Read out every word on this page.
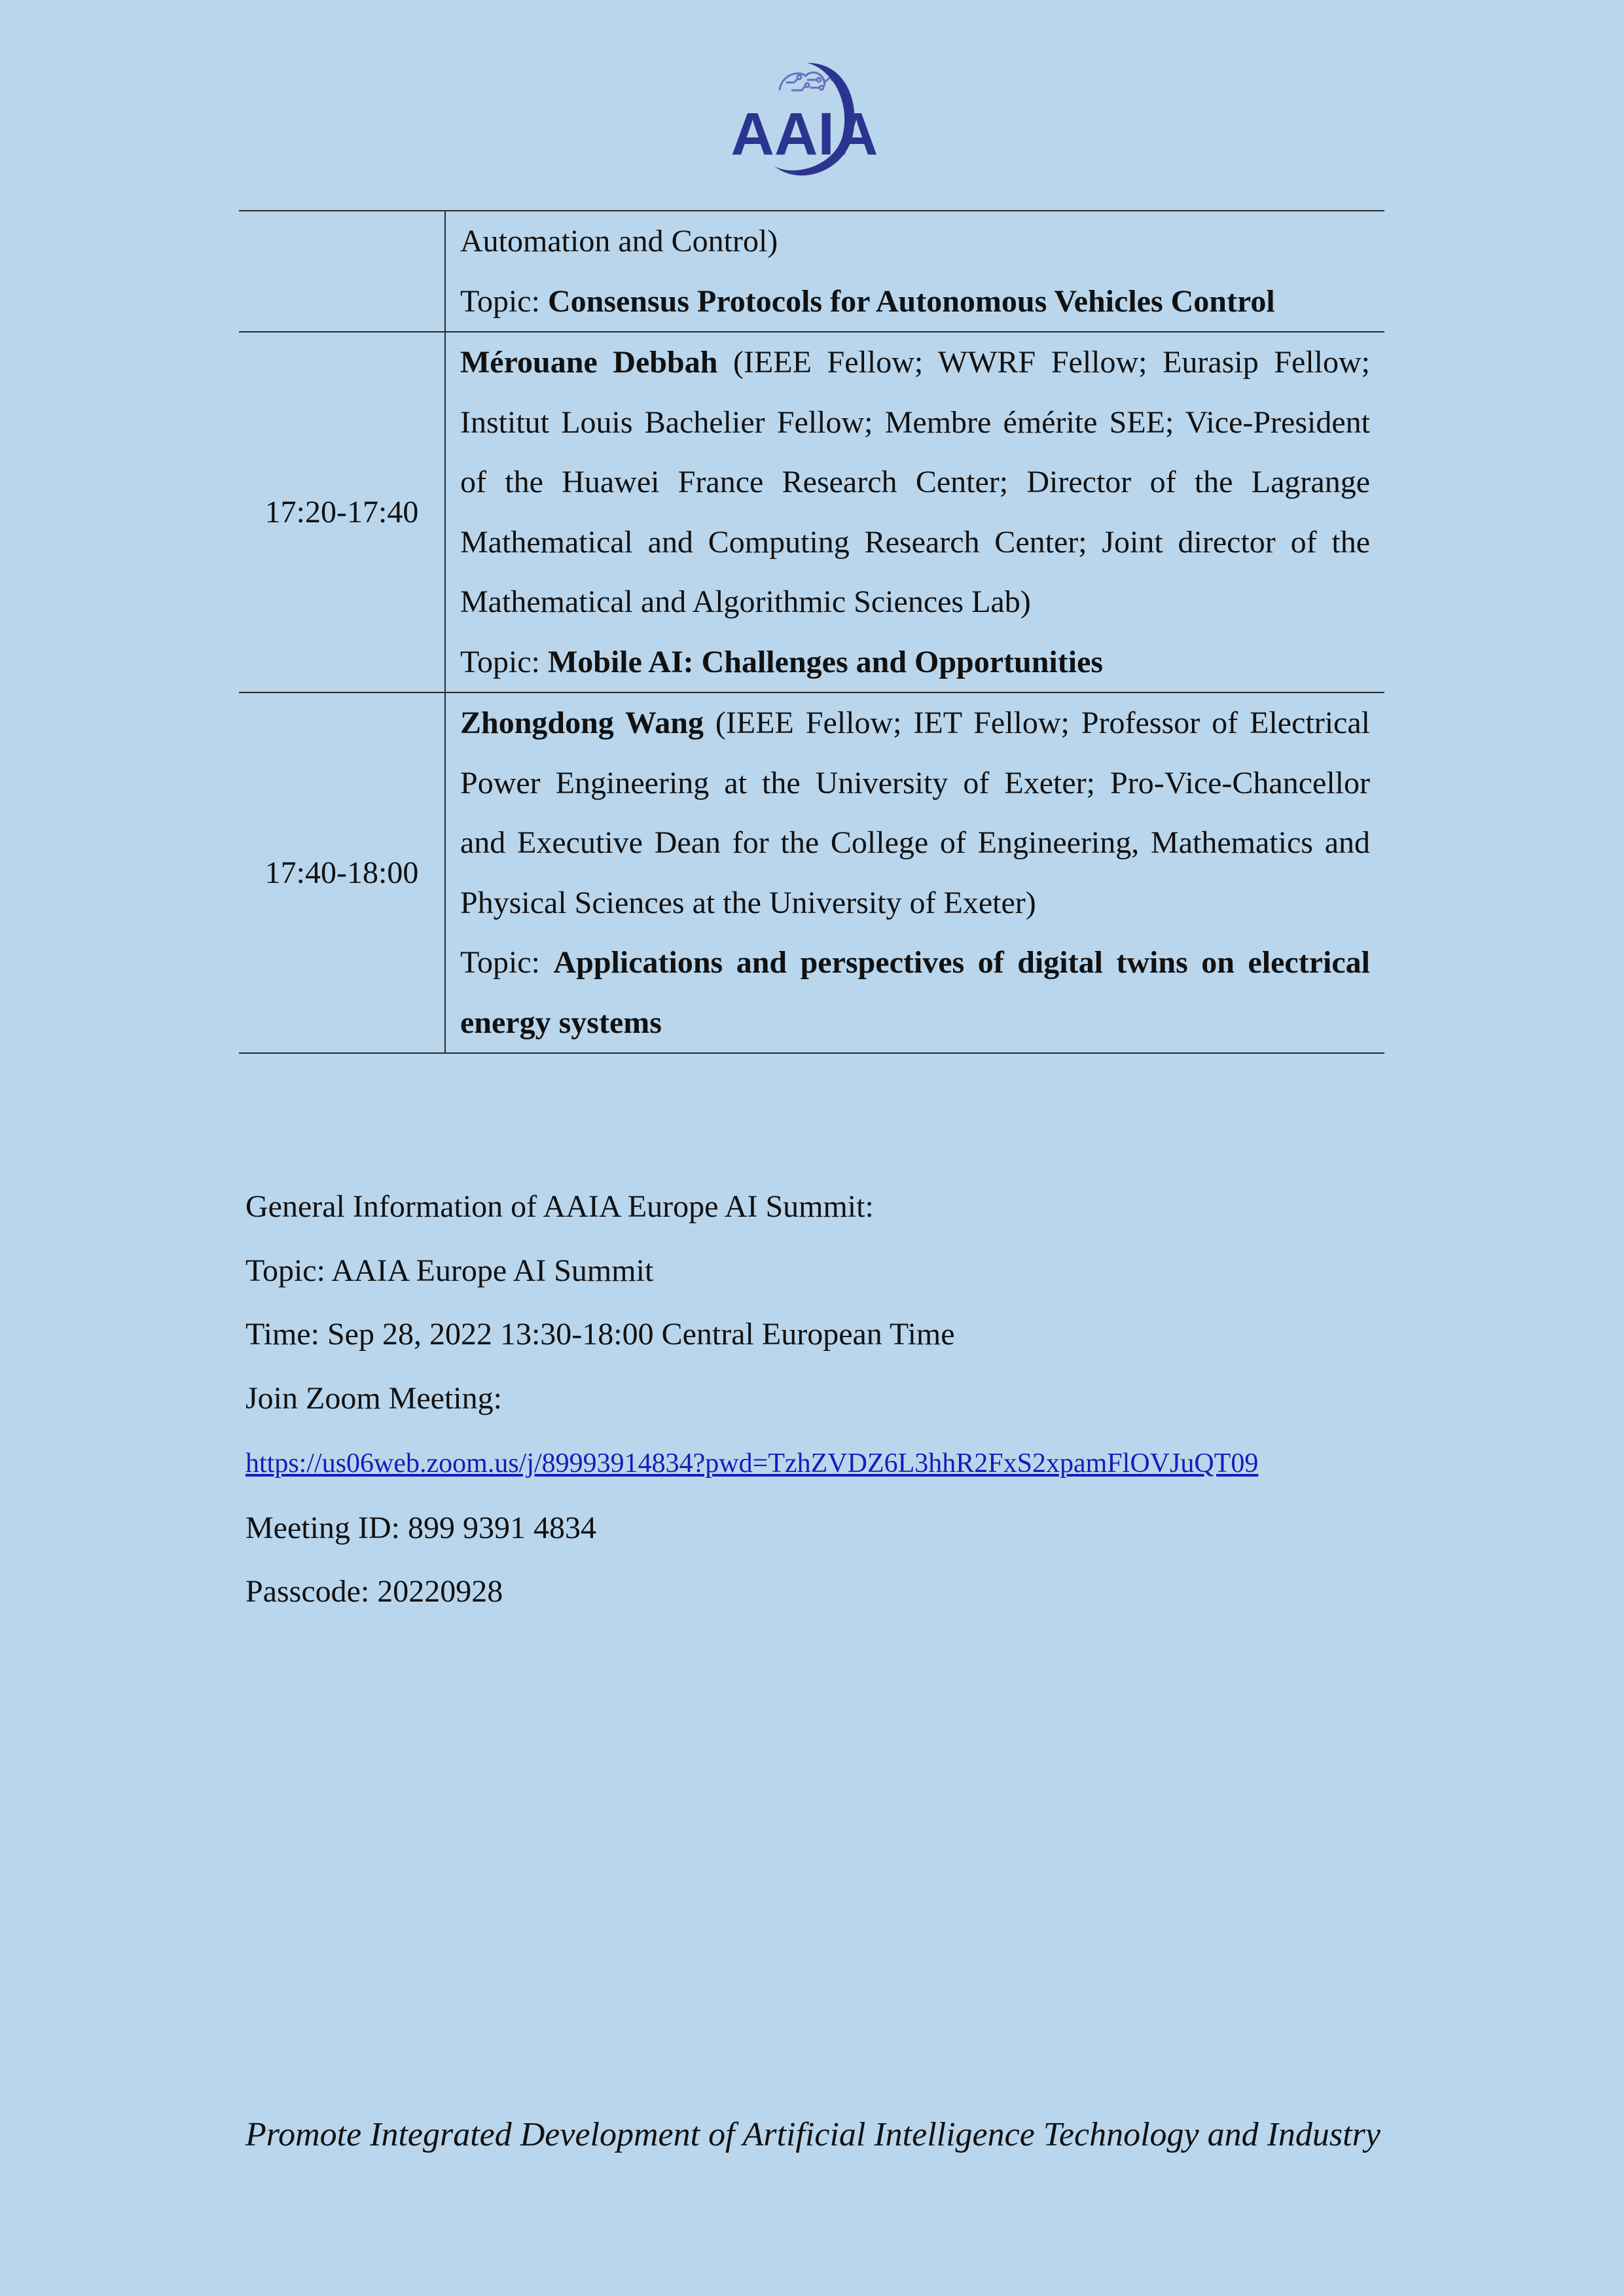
AAIA

	Automation and Control)

Topic: Consensus Protocols for Autonomous Vehicles Control

17:20-17:40	Mérouane Debbah (IEEE Fellow; WWRF Fellow; Eurasip Fellow; Institut Louis Bachelier Fellow; Membre émérite SEE; Vice-President of the Huawei France Research Center; Director of the Lagrange Mathematical and Computing Research Center; Joint director of the Mathematical and Algorithmic Sciences Lab)

Topic: Mobile AI: Challenges and Opportunities

17:40-18:00	Zhongdong Wang (IEEE Fellow; IET Fellow; Professor of Electrical Power Engineering at the University of Exeter; Pro-Vice-Chancellor and Executive Dean for the College of Engineering, Mathematics and Physical Sciences at the University of Exeter)

Topic: Applications and perspectives of digital twins on electrical energy systems

General Information of AAIA Europe AI Summit:
Topic: AAIA Europe AI Summit
Time: Sep 28, 2022 13:30-18:00 Central European Time
Join Zoom Meeting:
https://us06web.zoom.us/j/89993914834?pwd=TzhZVDZ6L3hhR2FxS2xpamFlOVJuQT09
Meeting ID: 899 9391 4834
Passcode: 20220928
Promote Integrated Development of Artificial Intelligence Technology and Industry
